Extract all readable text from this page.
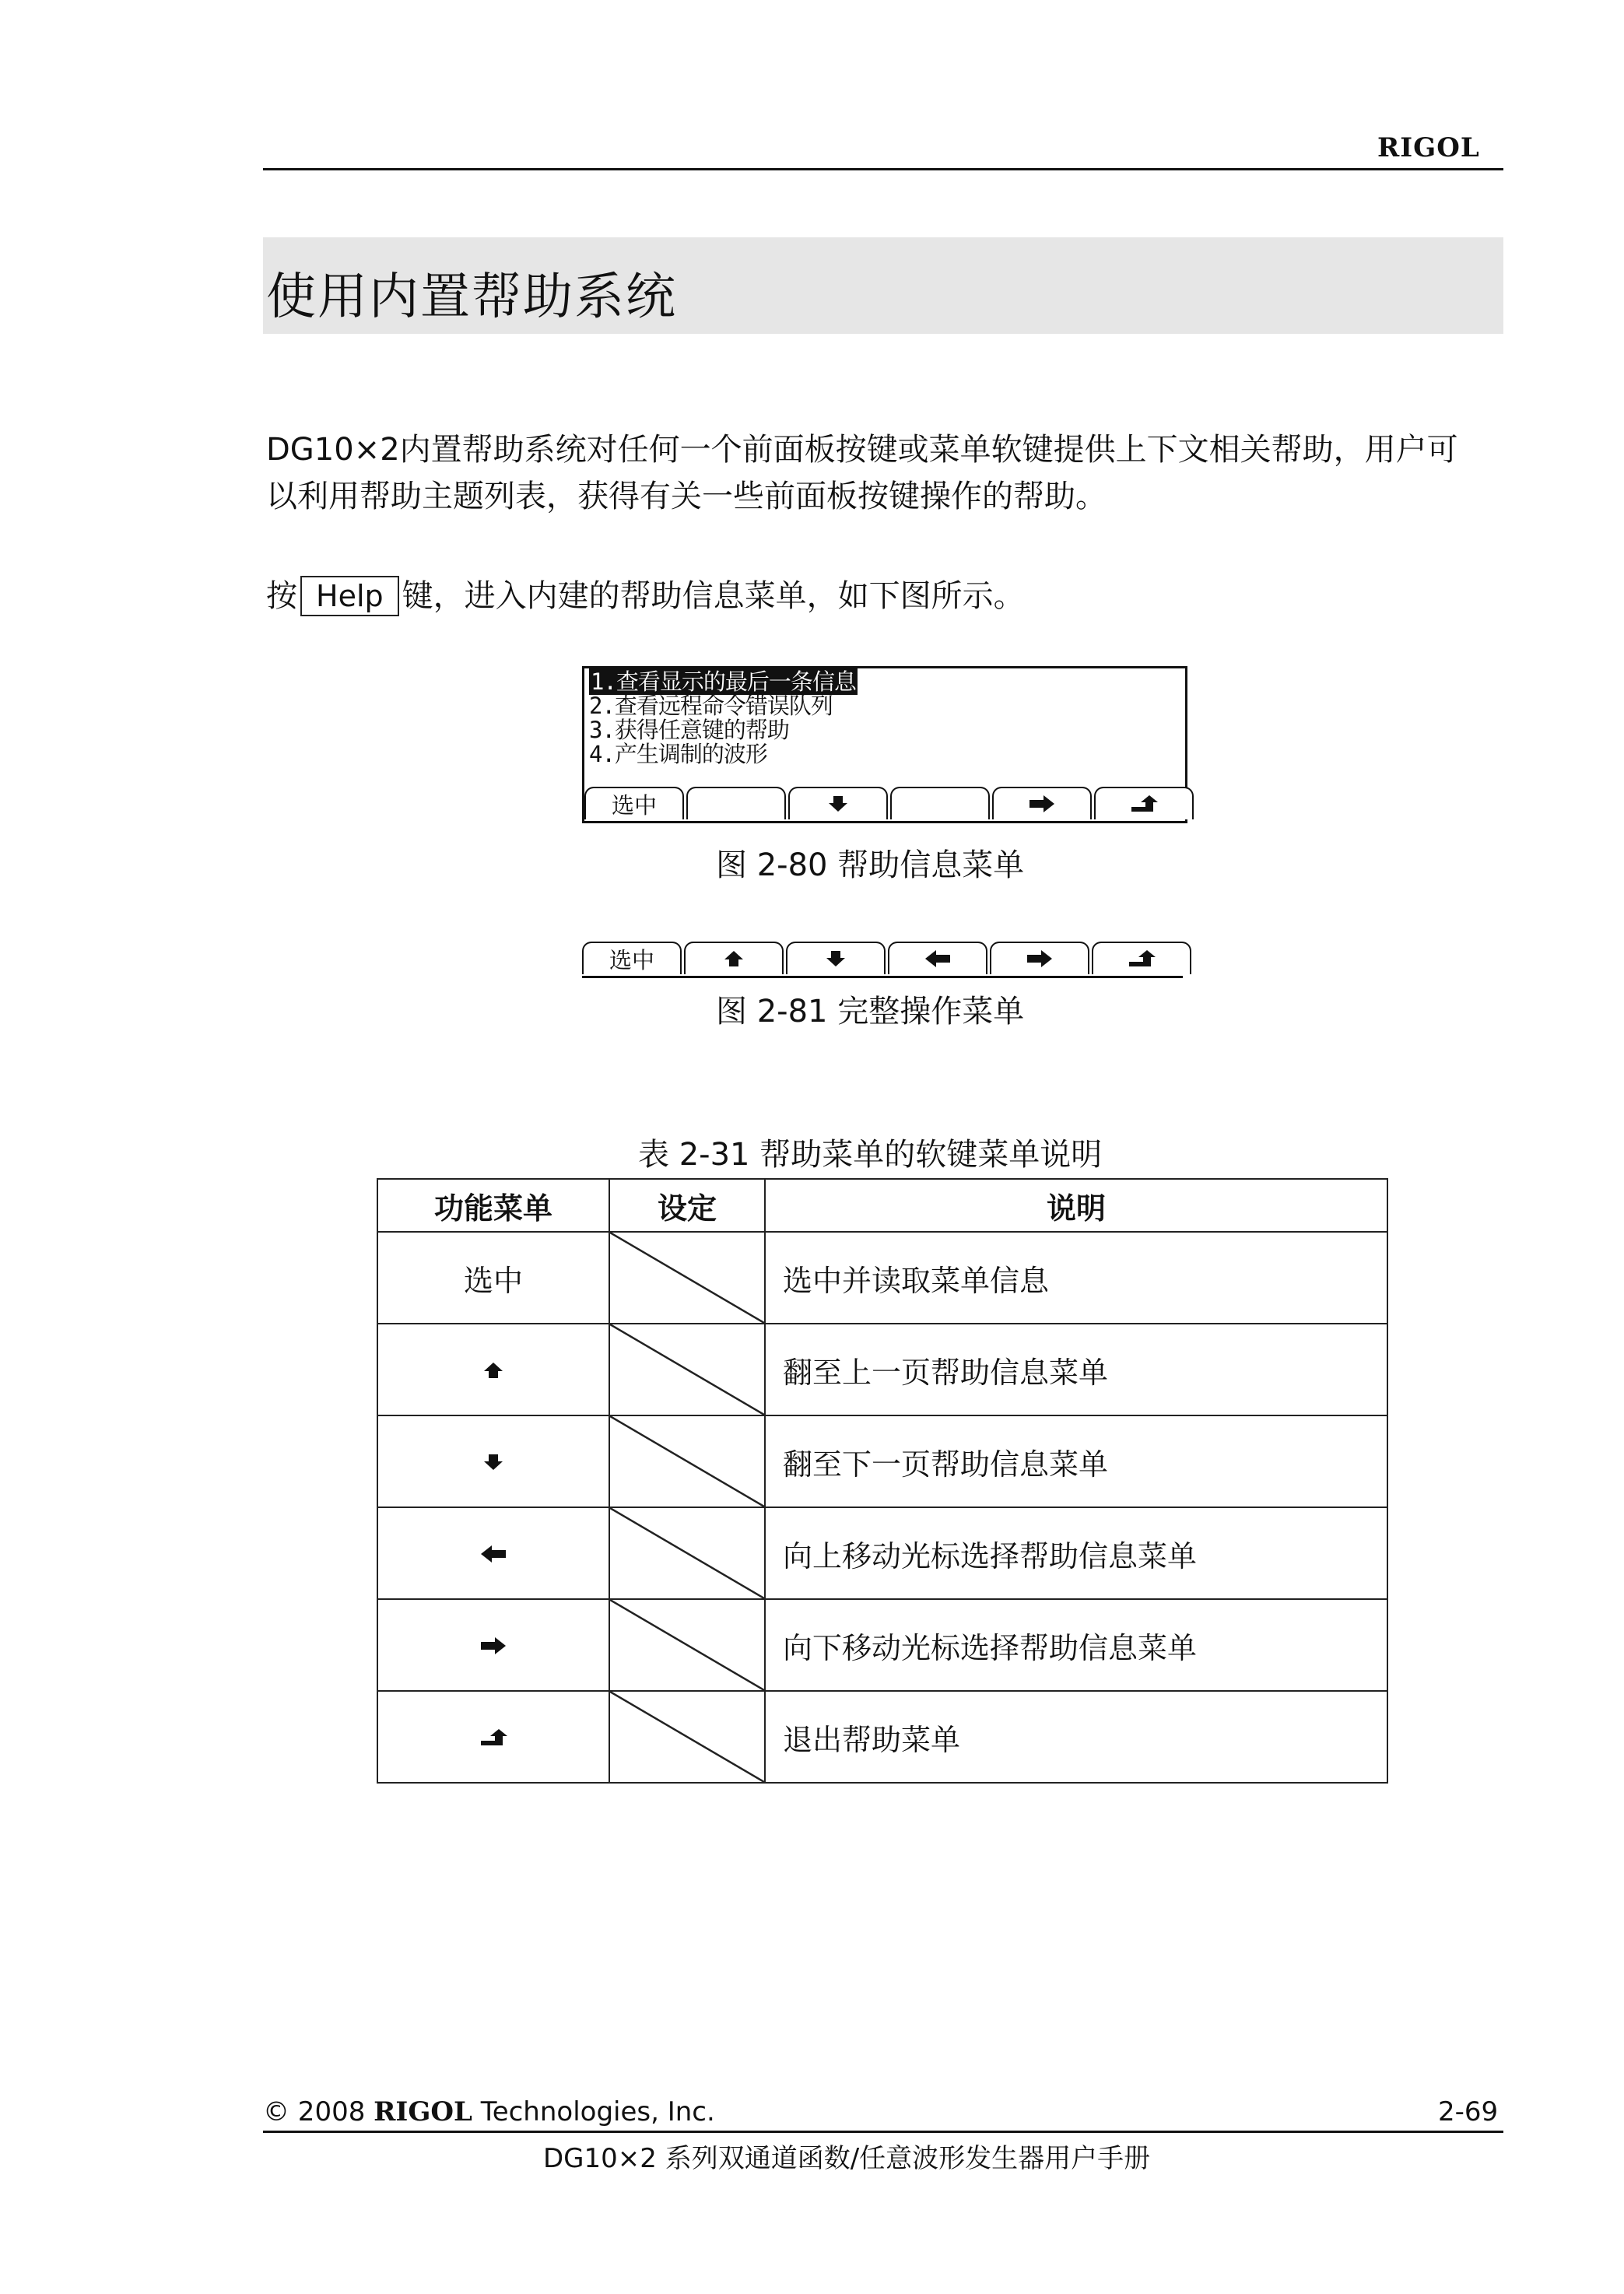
RIGOL
使用内置帮助系统
DG10×2内置帮助系统对任何一个前面板按键或菜单软键提供上下文相关帮助，用户可
以利用帮助主题列表，获得有关一些前面板按键操作的帮助。
按 Help 键，进入内建的帮助信息菜单，如下图所示。
1.查看显示的最后一条信息
2.查看远程命令错误队列
3.获得任意键的帮助
4.产生调制的波形
选中
图 2-80 帮助信息菜单
选中
图 2-81 完整操作菜单
表 2-31 帮助菜单的软键菜单说明
功能菜单	设定	说明
选中		选中并读取菜单信息
		翻至上一页帮助信息菜单
		翻至下一页帮助信息菜单
		向上移动光标选择帮助信息菜单
		向下移动光标选择帮助信息菜单
		退出帮助菜单
© 2008 RIGOL Technologies, Inc.	2-69
DG10×2 系列双通道函数/任意波形发生器用户手册
